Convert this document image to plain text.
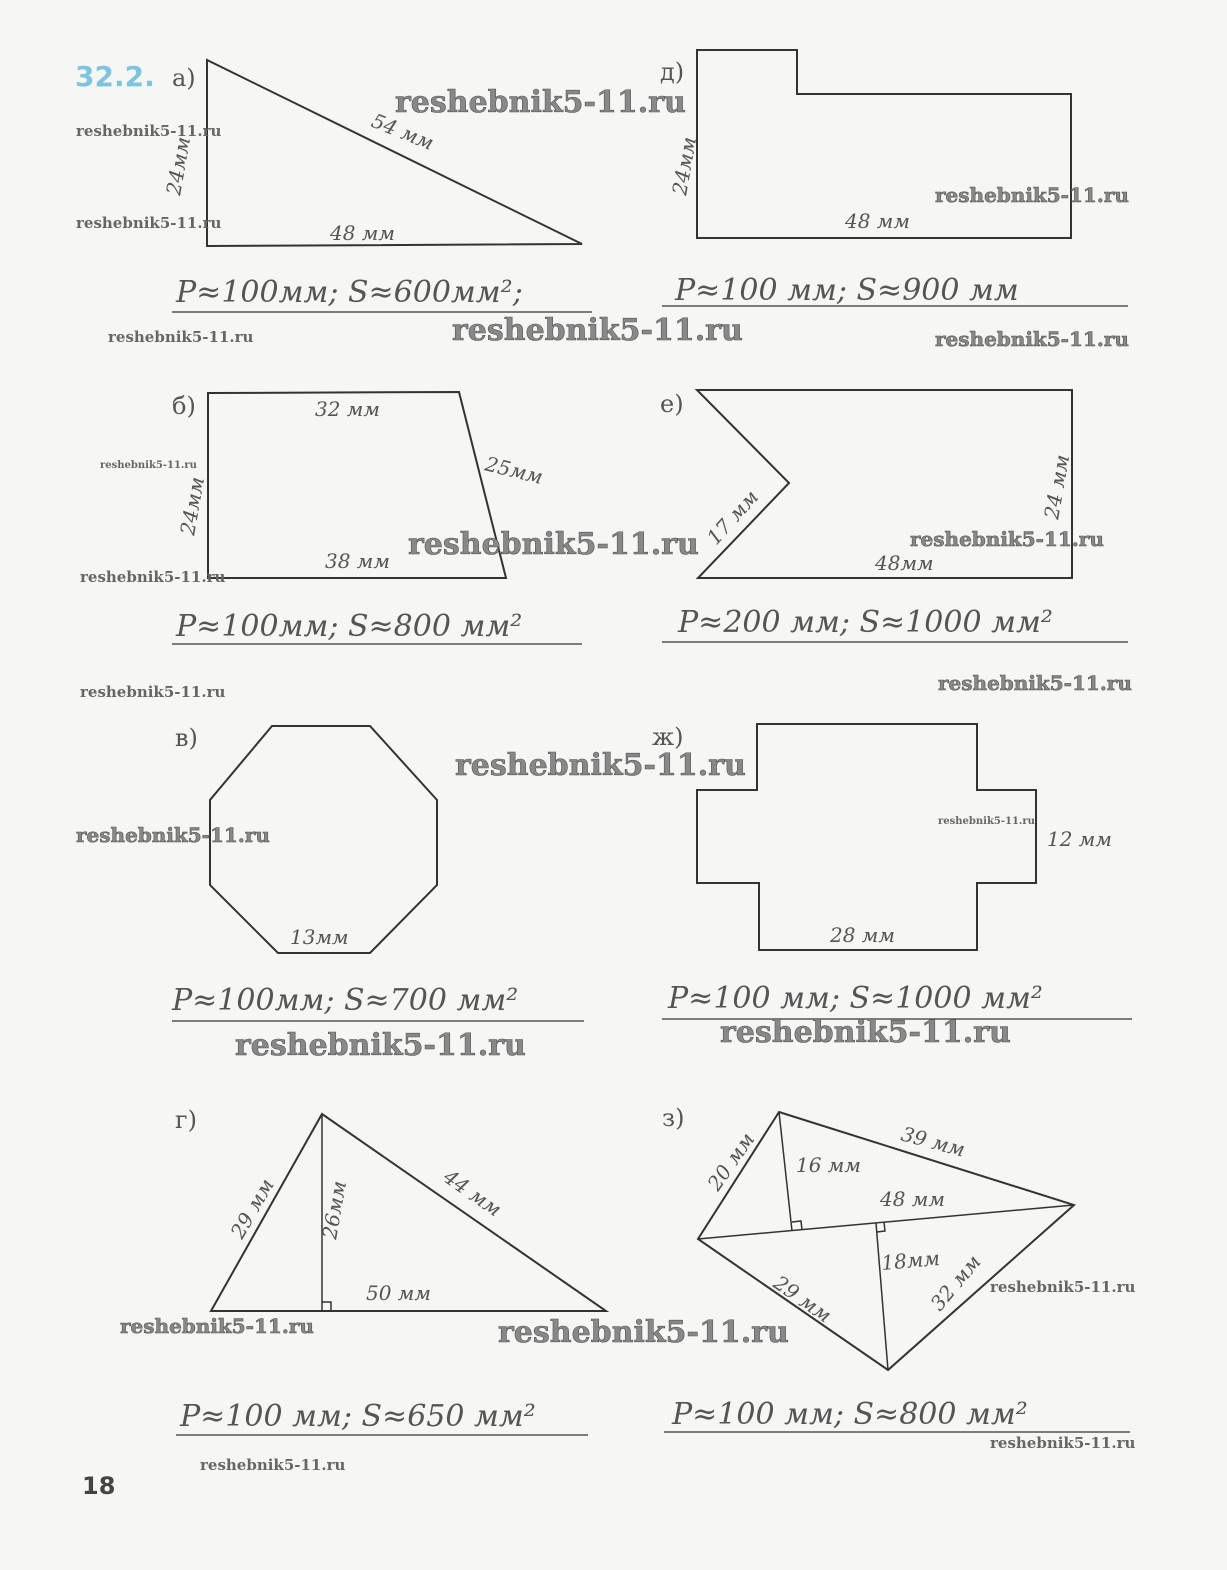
32.2.
18
а)
24мм
54 мм
48 мм
P≈100мм; S≈600мм²;
д)
24мм
48 мм
P≈100 мм; S≈900 мм
б)
24мм
32 мм
25мм
38 мм
P≈100мм; S≈800 мм²
е)
17 мм	24 мм
48мм
P≈200 мм; S≈1000 мм²
в)
13мм
P≈100мм; S≈700 мм²
ж)
12 мм
28 мм
P≈100 мм; S≈1000 мм²
г)
29 мм 26мм	44 мм
50 мм
P≈100 мм; S≈650 мм²
з)
20 мм 16 мм
39 мм
48 мм
18мм
29 мм	32 мм
P≈100 мм; S≈800 мм²
reshebnik5-11.ru
reshebnik5-11.ru
reshebnik5-11.ru
reshebnik5-11.ru
reshebnik5-11.ru	reshebnik5-11.ru
reshebnik5-11.ru
reshebnik5-11.ru
reshebnik5-11.ru
reshebnik5-11.ru
reshebnik5-11.ru
reshebnik5-11.ru
reshebnik5-11.ru
reshebnik5-11.ru
reshebnik5-11.ru
reshebnik5-11.ru
reshebnik5-11.ru
reshebnik5-11.ru
reshebnik5-11.ru
reshebnik5-11.ru
reshebnik5-11.ru
reshebnik5-11.ru
reshebnik5-11.ru
